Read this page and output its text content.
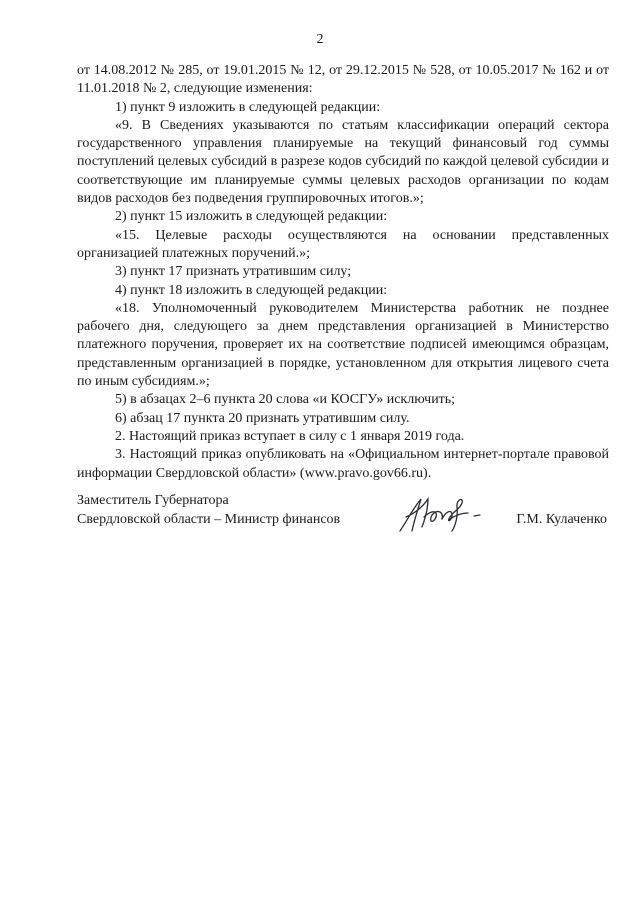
2

от 14.08.2012 № 285, от 19.01.2015 № 12, от 29.12.2015 № 528, от 10.05.2017 № 162 и от 11.01.2018 № 2, следующие изменения:

1) пункт 9 изложить в следующей редакции:

«9. В Сведениях указываются по статьям классификации операций сектора государственного управления планируемые на текущий финансовый год суммы поступлений целевых субсидий в разрезе кодов субсидий по каждой целевой субсидии и соответствующие им планируемые суммы целевых расходов организации по кодам видов расходов без подведения группировочных итогов.»;

2) пункт 15 изложить в следующей редакции:

«15. Целевые расходы осуществляются на основании представленных организацией платежных поручений.»;

3) пункт 17 признать утратившим силу;

4) пункт 18 изложить в следующей редакции:

«18. Уполномоченный руководителем Министерства работник не позднее рабочего дня, следующего за днем представления организацией в Министерство платежного поручения, проверяет их на соответствие подписей имеющимся образцам, представленным организацией в порядке, установленном для открытия лицевого счета по иным субсидиям.»;

5) в абзацах 2–6 пункта 20 слова «и КОСГУ» исключить;

6) абзац 17 пункта 20 признать утратившим силу.

2. Настоящий приказ вступает в силу с 1 января 2019 года.

3. Настоящий приказ опубликовать на «Официальном интернет-портале правовой информации Свердловской области» (www.pravo.gov66.ru).

Заместитель Губернатора
Свердловской области – Министр финансов	Г.М. Кулаченко
